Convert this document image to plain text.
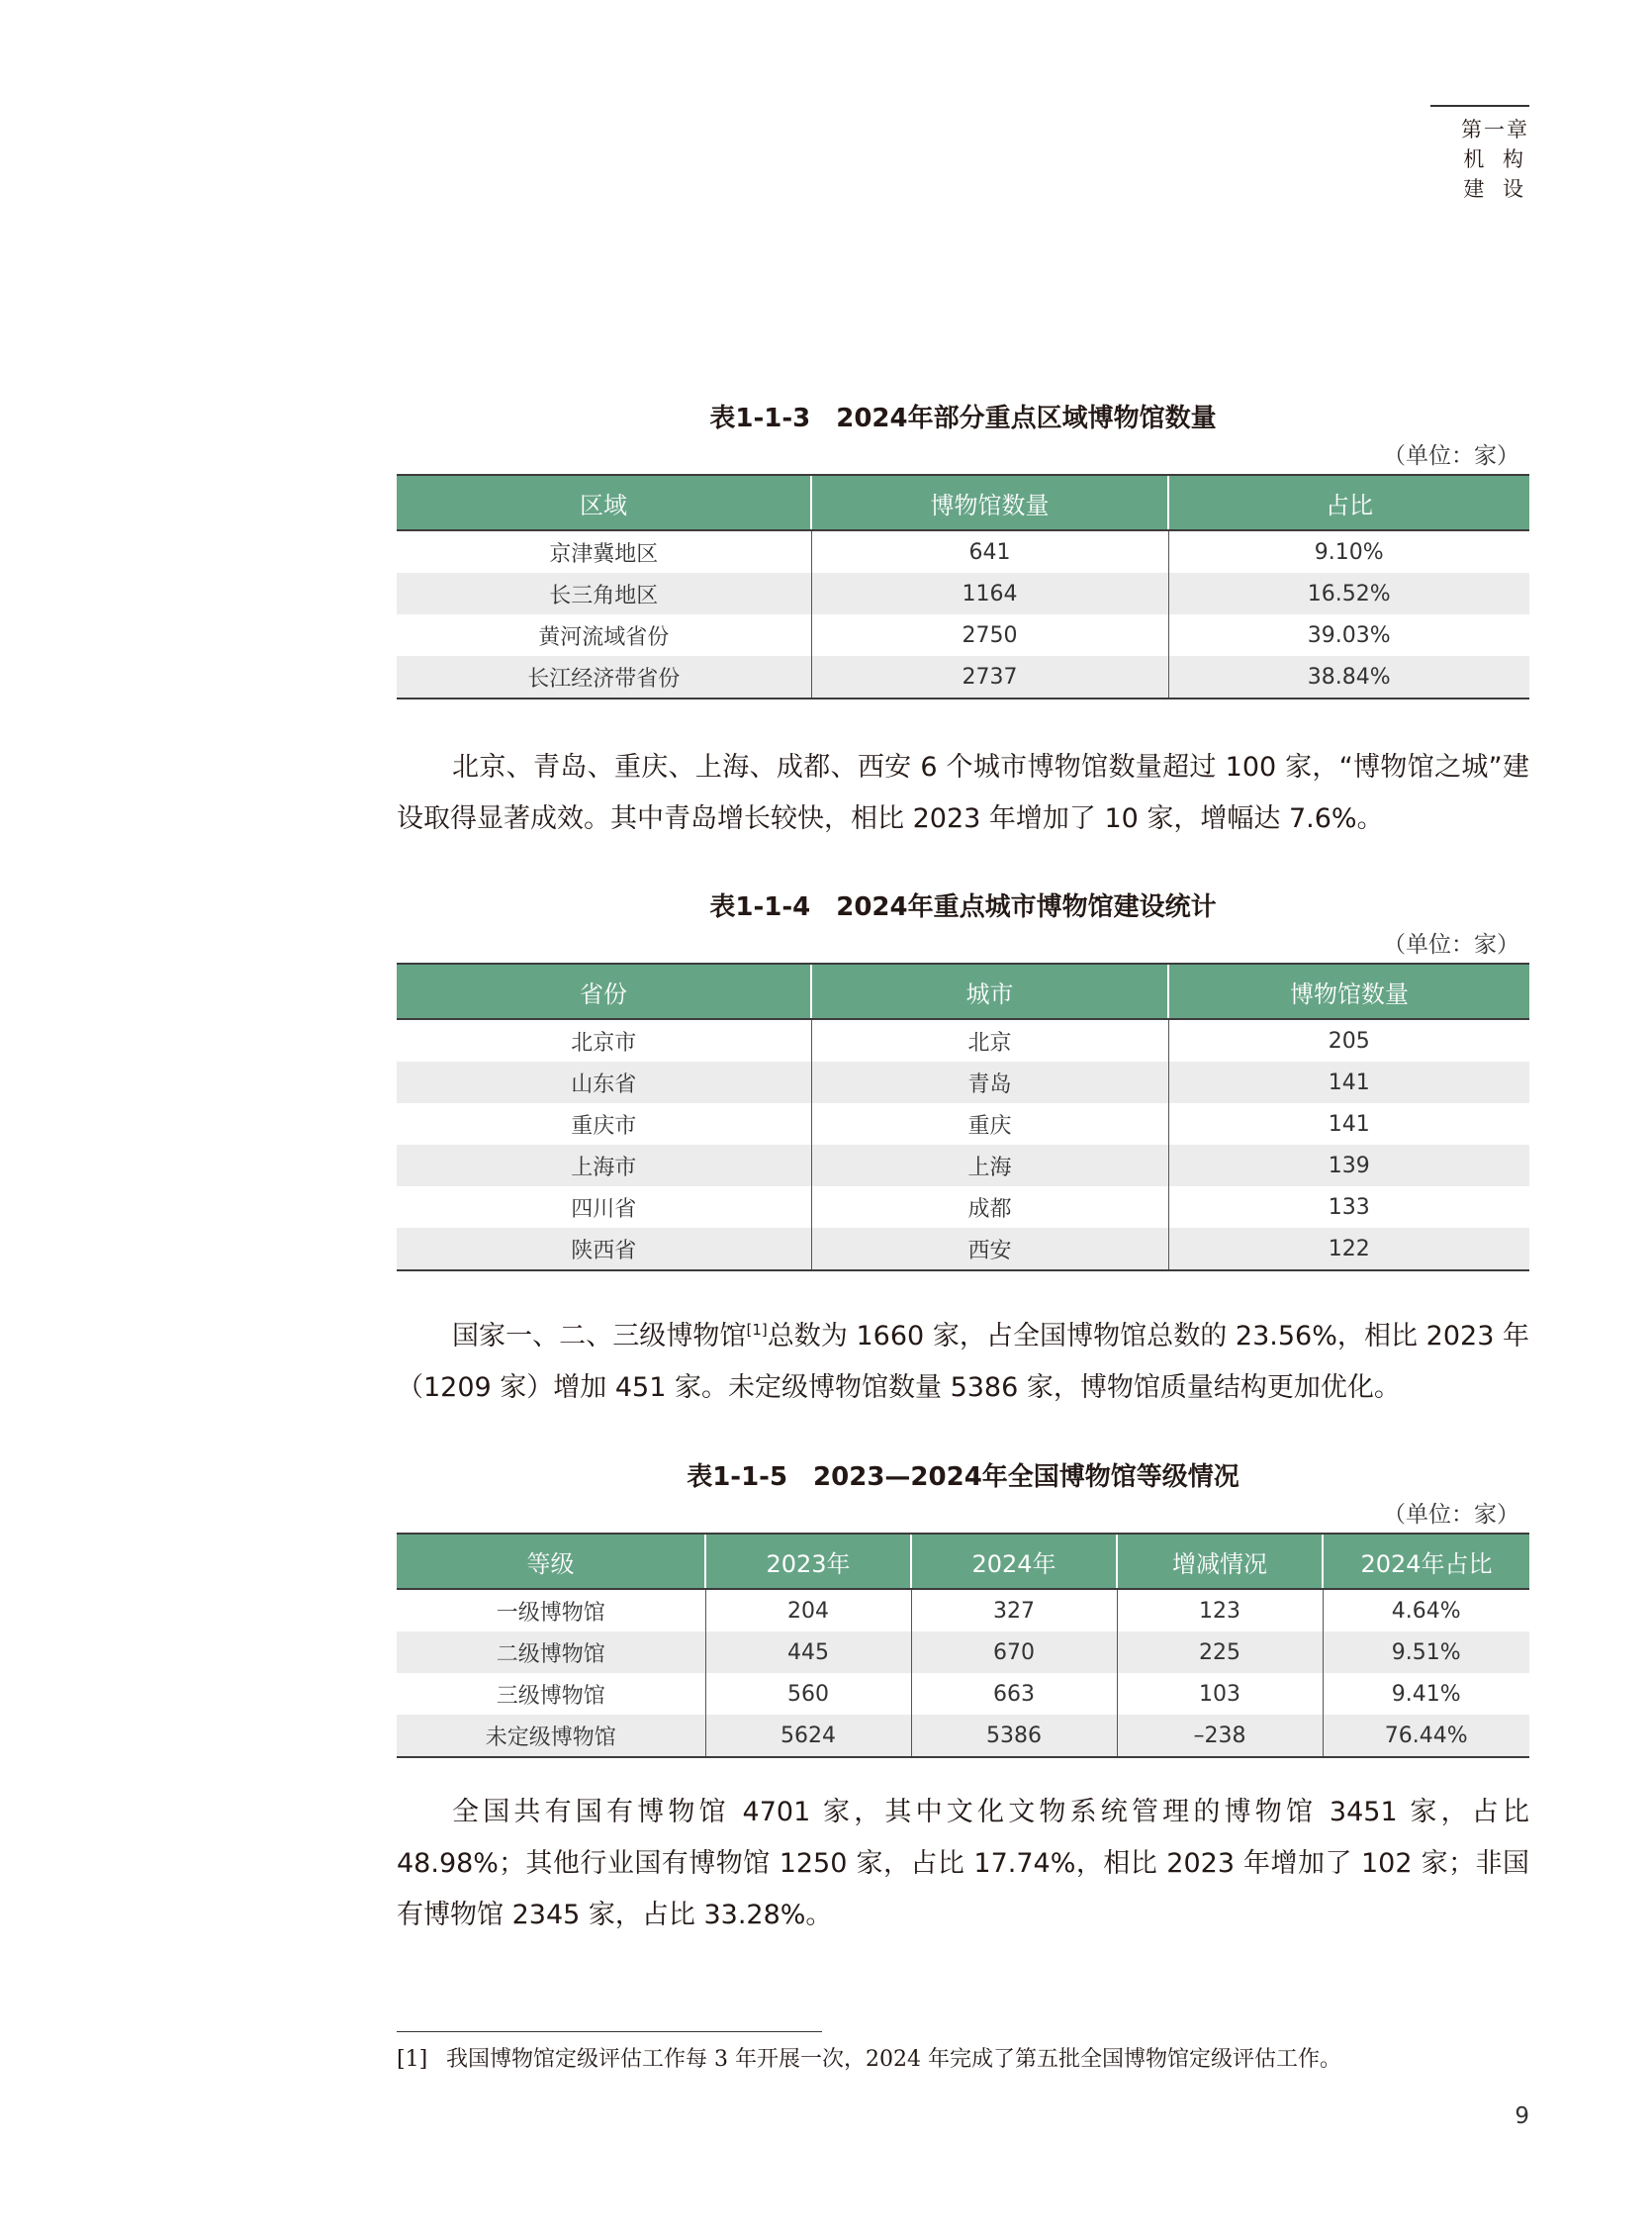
第一章
机 构 建 设
表1-1-3　2024年部分重点区域博物馆数量
（单位：家）
区域	博物馆数量	占比
京津冀地区	641	9.10%
长三角地区	1164	16.52%
黄河流域省份	2750	39.03%
长江经济带省份	2737	38.84%
北京、青岛、重庆、上海、成都、西安 6 个城市博物馆数量超过 100 家，“博物馆之城”建设取得显著成效。其中青岛增长较快，相比 2023 年增加了 10 家，增幅达 7.6%。
表1-1-4　2024年重点城市博物馆建设统计
（单位：家）
省份	城市	博物馆数量
北京市	北京	205
山东省	青岛	141
重庆市	重庆	141
上海市	上海	139
四川省	成都	133
陕西省	西安	122
国家一、二、三级博物馆[1]总数为 1660 家，占全国博物馆总数的 23.56%，相比 2023 年（1209 家）增加 451 家。未定级博物馆数量 5386 家，博物馆质量结构更加优化。
表1-1-5　2023—2024年全国博物馆等级情况
（单位：家）
等级	2023年	2024年	增减情况	2024年占比
一级博物馆	204	327	123	4.64%
二级博物馆	445	670	225	9.51%
三级博物馆	560	663	103	9.41%
未定级博物馆	5624	5386	–238	76.44%
全国共有国有博物馆 4701 家，其中文化文物系统管理的博物馆 3451 家，占比 48.98%；其他行业国有博物馆 1250 家，占比 17.74%，相比 2023 年增加了 102 家；非国有博物馆 2345 家，占比 33.28%。
[1] 我国博物馆定级评估工作每 3 年开展一次，2024 年完成了第五批全国博物馆定级评估工作。
9
